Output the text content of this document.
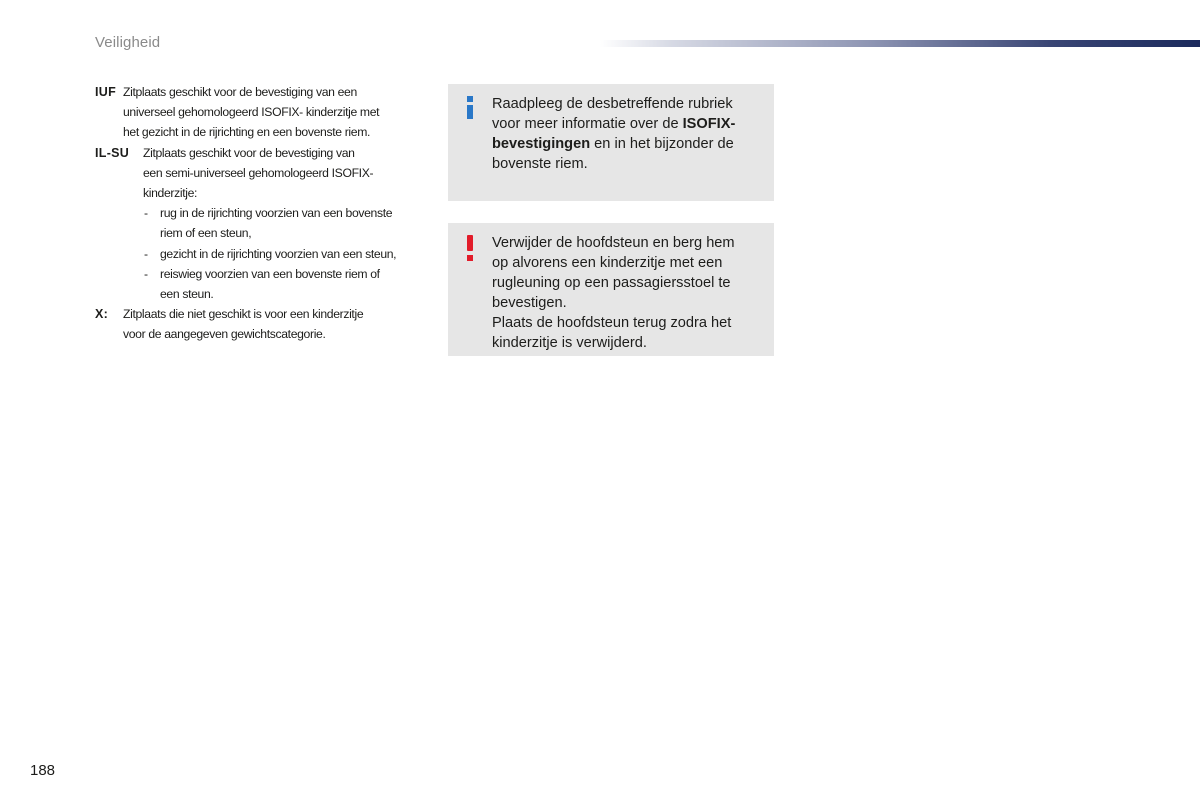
Veiligheid
IUF Zitplaats geschikt voor de bevestiging van een
universeel gehomologeerd ISOFIX- kinderzitje met
het gezicht in de rijrichting en een bovenste riem.
IL-SU	Zitplaats geschikt voor de bevestiging van
een semi-universeel gehomologeerd ISOFIX-
kinderzitje:
- rug in de rijrichting voorzien van een bovenste
riem of een steun,
- gezicht in de rijrichting voorzien van een steun,
- reiswieg voorzien van een bovenste riem of
een steun.
X:	Zitplaats die niet geschikt is voor een kinderzitje
voor de aangegeven gewichtscategorie.
Raadpleeg de desbetreffende rubriek
voor meer informatie over de ISOFIX-
bevestigingen en in het bijzonder de
bovenste riem.
Verwijder de hoofdsteun en berg hem
op alvorens een kinderzitje met een
rugleuning op een passagiersstoel te
bevestigen.
Plaats de hoofdsteun terug zodra het
kinderzitje is verwijderd.
188
